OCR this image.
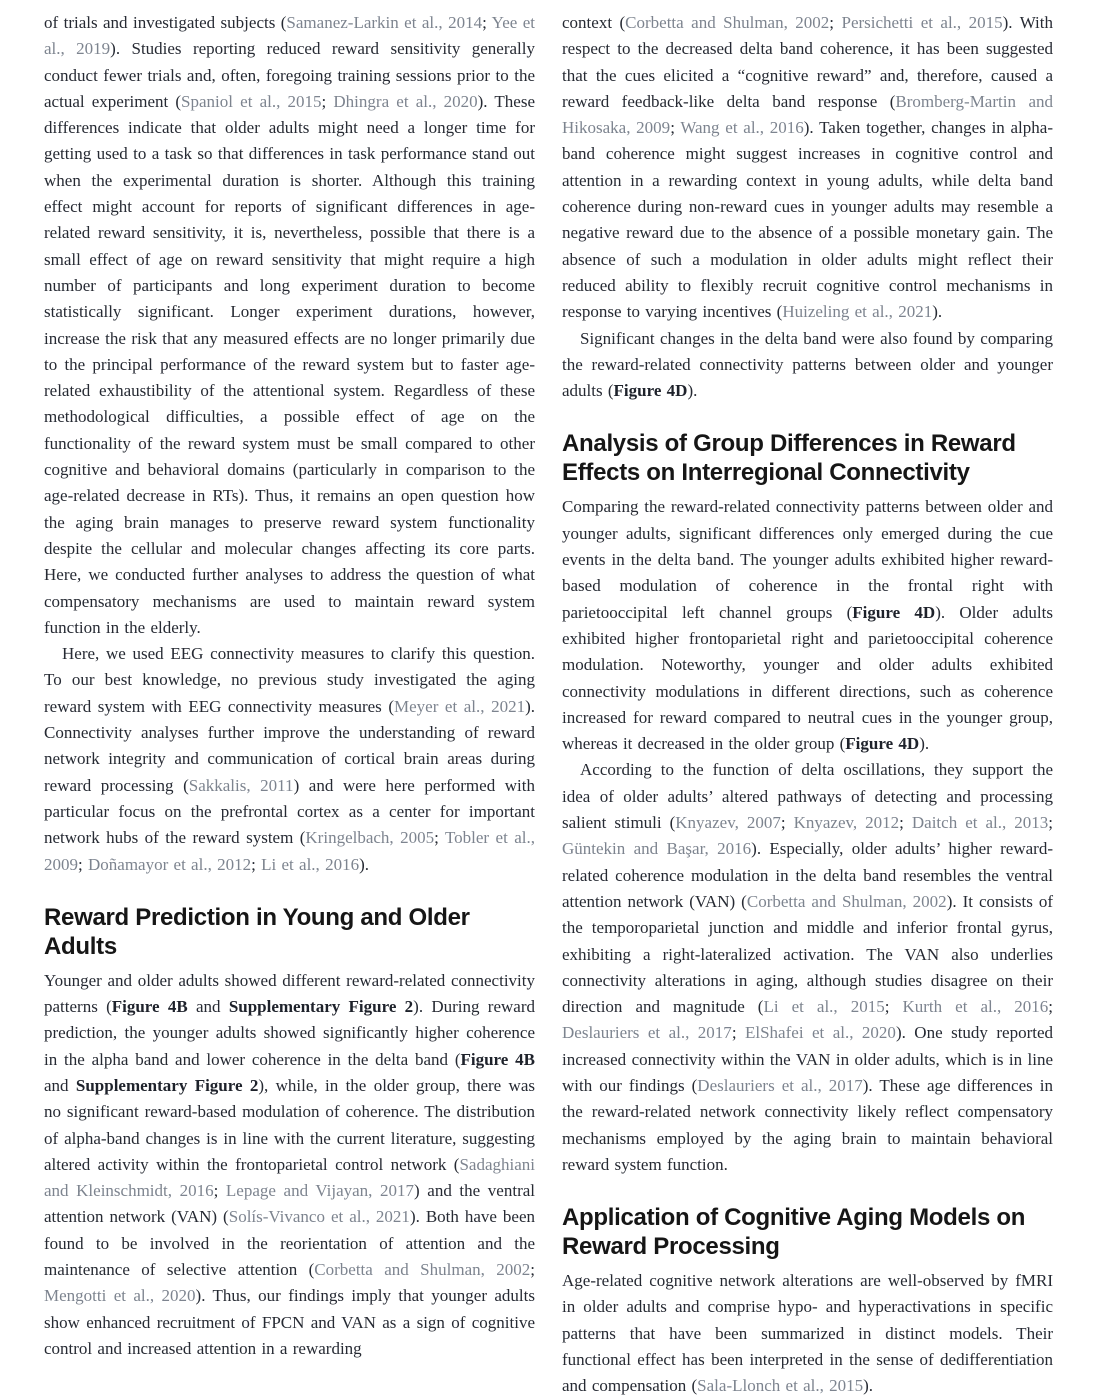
of trials and investigated subjects (Samanez-Larkin et al., 2014; Yee et al., 2019). Studies reporting reduced reward sensitivity generally conduct fewer trials and, often, foregoing training sessions prior to the actual experiment (Spaniol et al., 2015; Dhingra et al., 2020). These differences indicate that older adults might need a longer time for getting used to a task so that differences in task performance stand out when the experimental duration is shorter. Although this training effect might account for reports of significant differences in age-related reward sensitivity, it is, nevertheless, possible that there is a small effect of age on reward sensitivity that might require a high number of participants and long experiment duration to become statistically significant. Longer experiment durations, however, increase the risk that any measured effects are no longer primarily due to the principal performance of the reward system but to faster age-related exhaustibility of the attentional system. Regardless of these methodological difficulties, a possible effect of age on the functionality of the reward system must be small compared to other cognitive and behavioral domains (particularly in comparison to the age-related decrease in RTs). Thus, it remains an open question how the aging brain manages to preserve reward system functionality despite the cellular and molecular changes affecting its core parts. Here, we conducted further analyses to address the question of what compensatory mechanisms are used to maintain reward system function in the elderly.

Here, we used EEG connectivity measures to clarify this question. To our best knowledge, no previous study investigated the aging reward system with EEG connectivity measures (Meyer et al., 2021). Connectivity analyses further improve the understanding of reward network integrity and communication of cortical brain areas during reward processing (Sakkalis, 2011) and were here performed with particular focus on the prefrontal cortex as a center for important network hubs of the reward system (Kringelbach, 2005; Tobler et al., 2009; Doñamayor et al., 2012; Li et al., 2016).

Reward Prediction in Young and Older Adults

Younger and older adults showed different reward-related connectivity patterns (Figure 4B and Supplementary Figure 2). During reward prediction, the younger adults showed significantly higher coherence in the alpha band and lower coherence in the delta band (Figure 4B and Supplementary Figure 2), while, in the older group, there was no significant reward-based modulation of coherence. The distribution of alpha-band changes is in line with the current literature, suggesting altered activity within the frontoparietal control network (Sadaghiani and Kleinschmidt, 2016; Lepage and Vijayan, 2017) and the ventral attention network (VAN) (Solís-Vivanco et al., 2021). Both have been found to be involved in the reorientation of attention and the maintenance of selective attention (Corbetta and Shulman, 2002; Mengotti et al., 2020). Thus, our findings imply that younger adults show enhanced recruitment of FPCN and VAN as a sign of cognitive control and increased attention in a rewarding

context (Corbetta and Shulman, 2002; Persichetti et al., 2015). With respect to the decreased delta band coherence, it has been suggested that the cues elicited a “cognitive reward” and, therefore, caused a reward feedback-like delta band response (Bromberg-Martin and Hikosaka, 2009; Wang et al., 2016). Taken together, changes in alpha-band coherence might suggest increases in cognitive control and attention in a rewarding context in young adults, while delta band coherence during non-reward cues in younger adults may resemble a negative reward due to the absence of a possible monetary gain. The absence of such a modulation in older adults might reflect their reduced ability to flexibly recruit cognitive control mechanisms in response to varying incentives (Huizeling et al., 2021).

Significant changes in the delta band were also found by comparing the reward-related connectivity patterns between older and younger adults (Figure 4D).

Analysis of Group Differences in Reward Effects on Interregional Connectivity

Comparing the reward-related connectivity patterns between older and younger adults, significant differences only emerged during the cue events in the delta band. The younger adults exhibited higher reward-based modulation of coherence in the frontal right with parietooccipital left channel groups (Figure 4D). Older adults exhibited higher frontoparietal right and parietooccipital coherence modulation. Noteworthy, younger and older adults exhibited connectivity modulations in different directions, such as coherence increased for reward compared to neutral cues in the younger group, whereas it decreased in the older group (Figure 4D).

According to the function of delta oscillations, they support the idea of older adults’ altered pathways of detecting and processing salient stimuli (Knyazev, 2007; Knyazev, 2012; Daitch et al., 2013; Güntekin and Başar, 2016). Especially, older adults’ higher reward-related coherence modulation in the delta band resembles the ventral attention network (VAN) (Corbetta and Shulman, 2002). It consists of the temporoparietal junction and middle and inferior frontal gyrus, exhibiting a right-lateralized activation. The VAN also underlies connectivity alterations in aging, although studies disagree on their direction and magnitude (Li et al., 2015; Kurth et al., 2016; Deslauriers et al., 2017; ElShafei et al., 2020). One study reported increased connectivity within the VAN in older adults, which is in line with our findings (Deslauriers et al., 2017). These age differences in the reward-related network connectivity likely reflect compensatory mechanisms employed by the aging brain to maintain behavioral reward system function.

Application of Cognitive Aging Models on Reward Processing

Age-related cognitive network alterations are well-observed by fMRI in older adults and comprise hypo- and hyperactivations in specific patterns that have been summarized in distinct models. Their functional effect has been interpreted in the sense of dedifferentiation and compensation (Sala-Llonch et al., 2015).
